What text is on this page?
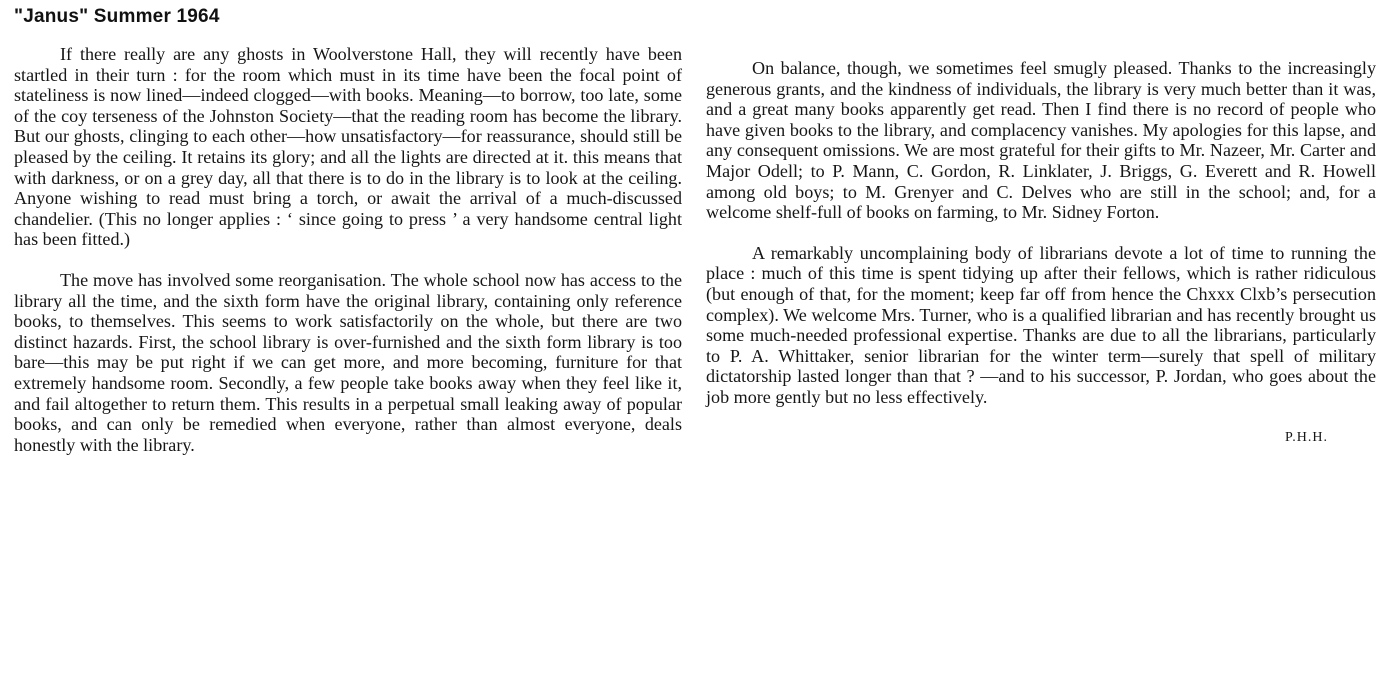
"Janus" Summer 1964

If there really are any ghosts in Woolverstone Hall, they will recently have been startled in their turn : for the room which must in its time have been the focal point of stateliness is now lined—indeed clogged—with books. Meaning—to borrow, too late, some of the coy terseness of the Johnston Society—that the reading room has become the library. But our ghosts, clinging to each other—how unsatisfactory—for reassurance, should still be pleased by the ceiling. It retains its glory; and all the lights are directed at it. this means that with darkness, or on a grey day, all that there is to do in the library is to look at the ceiling. Anyone wishing to read must bring a torch, or await the arrival of a much-discussed chandelier. (This no longer applies : ‘ since going to press ’ a very handsome central light has been fitted.)

The move has involved some reorganisation. The whole school now has access to the library all the time, and the sixth form have the original library, containing only reference books, to themselves. This seems to work satisfactorily on the whole, but there are two distinct hazards. First, the school library is over-furnished and the sixth form library is too bare—this may be put right if we can get more, and more becoming, furniture for that extremely handsome room. Secondly, a few people take books away when they feel like it, and fail altogether to return them. This results in a perpetual small leaking away of popular books, and can only be remedied when everyone, rather than almost everyone, deals honestly with the library.

On balance, though, we sometimes feel smugly pleased. Thanks to the increasingly generous grants, and the kindness of individuals, the library is very much better than it was, and a great many books apparently get read. Then I find there is no record of people who have given books to the library, and complacency vanishes. My apologies for this lapse, and any consequent omissions. We are most grateful for their gifts to Mr. Nazeer, Mr. Carter and Major Odell; to P. Mann, C. Gordon, R. Linklater, J. Briggs, G. Everett and R. Howell among old boys; to M. Grenyer and C. Delves who are still in the school; and, for a welcome shelf-full of books on farming, to Mr. Sidney Forton.

A remarkably uncomplaining body of librarians devote a lot of time to running the place : much of this time is spent tidying up after their fellows, which is rather ridiculous (but enough of that, for the moment; keep far off from hence the Chxxx Clxb’s persecution complex). We welcome Mrs. Turner, who is a qualified librarian and has recently brought us some much-needed professional expertise. Thanks are due to all the librarians, particularly to P. A. Whittaker, senior librarian for the winter term—surely that spell of military dictatorship lasted longer than that ? —and to his successor, P. Jordan, who goes about the job more gently but no less effectively.

P.H.H.
